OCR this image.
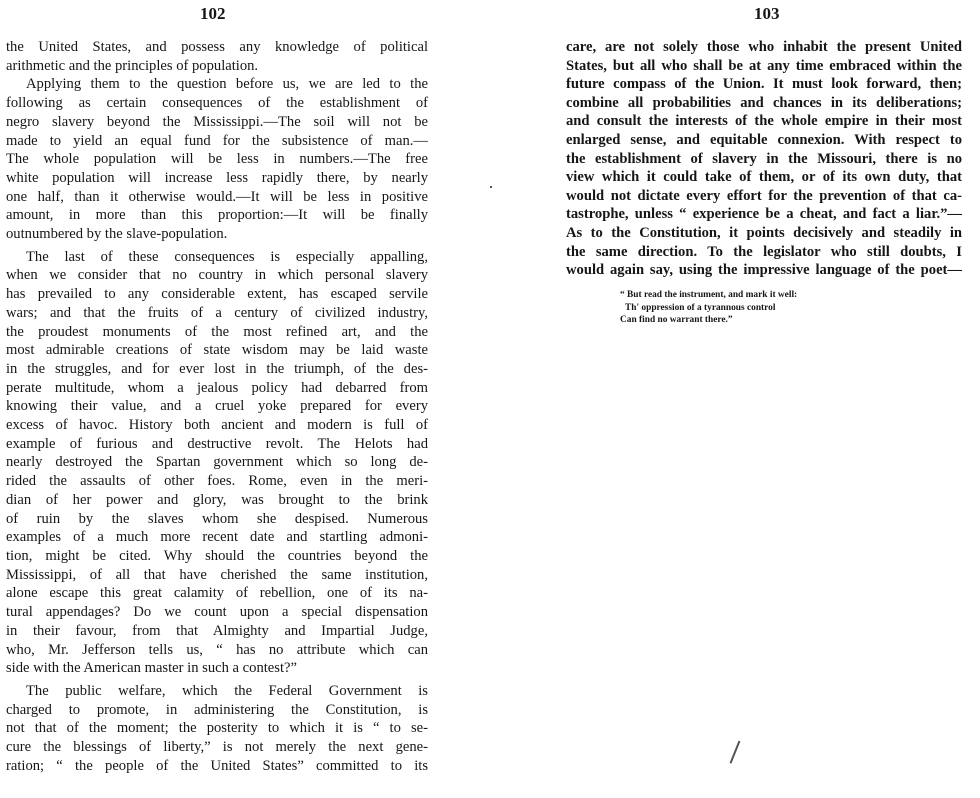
102
the United States, and possess any knowledge of political
arithmetic and the principles of population.
Applying them to the question before us, we are led to the
following as certain consequences of the establishment of
negro slavery beyond the Mississippi.—The soil will not be
made to yield an equal fund for the subsistence of man.—
The whole population will be less in numbers.—The free
white population will increase less rapidly there, by nearly
one half, than it otherwise would.—It will be less in positive
amount, in more than this proportion:—It will be finally
outnumbered by the slave-population.
The last of these consequences is especially appalling,
when we consider that no country in which personal slavery
has prevailed to any considerable extent, has escaped servile
wars; and that the fruits of a century of civilized industry,
the proudest monuments of the most refined art, and the
most admirable creations of state wisdom may be laid waste
in the struggles, and for ever lost in the triumph, of the des-
perate multitude, whom a jealous policy had debarred from
knowing their value, and a cruel yoke prepared for every
excess of havoc. History both ancient and modern is full of
example of furious and destructive revolt. The Helots had
nearly destroyed the Spartan government which so long de-
rided the assaults of other foes. Rome, even in the meri-
dian of her power and glory, was brought to the brink
of ruin by the slaves whom she despised. Numerous
examples of a much more recent date and startling admoni-
tion, might be cited. Why should the countries beyond the
Mississippi, of all that have cherished the same institution,
alone escape this great calamity of rebellion, one of its na-
tural appendages? Do we count upon a special dispensation
in their favour, from that Almighty and Impartial Judge,
who, Mr. Jefferson tells us, “ has no attribute which can
side with the American master in such a contest?”
The public welfare, which the Federal Government is
charged to promote, in administering the Constitution, is
not that of the moment; the posterity to which it is “ to se-
cure the blessings of liberty,” is not merely the next gene-
ration; “ the people of the United States” committed to its
103
care, are not solely those who inhabit the present United
States, but all who shall be at any time embraced within the
future compass of the Union. It must look forward, then;
combine all probabilities and chances in its deliberations;
and consult the interests of the whole empire in their most
enlarged sense, and equitable connexion. With respect to
the establishment of slavery in the Missouri, there is no
view which it could take of them, or of its own duty, that
would not dictate every effort for the prevention of that ca-
tastrophe, unless “ experience be a cheat, and fact a liar.”—
As to the Constitution, it points decisively and steadily in
the same direction. To the legislator who still doubts, I
would again say, using the impressive language of the poet—
“ But read the instrument, and mark it well:
Th' oppression of a tyrannous control
Can find no warrant there.”
